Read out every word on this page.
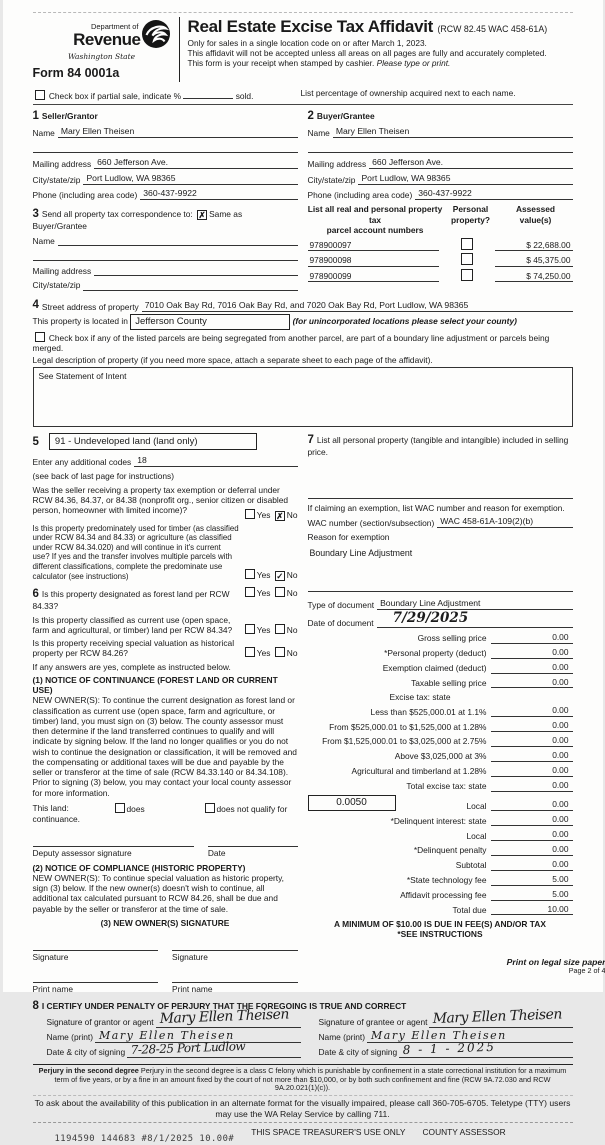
Department of
Revenue
Washington State
Form 84 0001a
Real Estate Excise Tax Affidavit (RCW 82.45 WAC 458-61A)
Only for sales in a single location code on or after March 1, 2023.
This affidavit will not be accepted unless all areas on all pages are fully and accurately completed.
This form is your receipt when stamped by cashier. Please type or print.
Check box if partial sale, indicate %	sold.	List percentage of ownership acquired next to each name.
1 Seller/Grantor
Name Mary Ellen Theisen
Mailing address 660 Jefferson Ave.
City/state/zip Port Ludlow, WA 98365
Phone (including area code) 360-437-9922
3 Send all property tax correspondence to: ✗ Same as Buyer/Grantee
Name
Mailing address
City/state/zip
2 Buyer/Grantee
Name Mary Ellen Theisen
Mailing address 660 Jefferson Ave.
City/state/zip Port Ludlow, WA 98365
Phone (including area code) 360-437-9922
List all real and personal property tax
parcel account numbers
Personal
property?
Assessed
value(s)
978900097	$ 22,688.00
978900098	$ 45,375.00
978900099	$ 74,250.00
4 Street address of property 7010 Oak Bay Rd, 7016 Oak Bay Rd, and 7020 Oak Bay Rd, Port Ludlow, WA 98365
This property is located in Jefferson County	(for unincorporated locations please select your county)
Check box if any of the listed parcels are being segregated from another parcel, are part of a boundary line adjustment or parcels being merged.
Legal description of property (if you need more space, attach a separate sheet to each page of the affidavit).
See Statement of Intent
5	91 - Undeveloped land (land only)
Enter any additional codes 18
(see back of last page for instructions)
Was the seller receiving a property tax exemption or deferral under RCW 84.36, 84.37, or 84.38 (nonprofit org., senior citizen or disabled person, homeowner with limited income)?	Yes ✗ No
Is this property predominately used for timber (as classified under RCW 84.34 and 84.33) or agriculture (as classified under RCW 84.34.020) and will continue in it's current use? If yes and the transfer involves multiple parcels with different classifications, complete the predominate use calculator (see instructions)	Yes ✓ No
6 Is this property designated as forest land per RCW 84.33?
Yes No
Is this property classified as current use (open space, farm and agricultural, or timber) land per RCW 84.34?	Yes No
Is this property receiving special valuation as historical property per RCW 84.26?	Yes No
If any answers are yes, complete as instructed below.
(1) NOTICE OF CONTINUANCE (FOREST LAND OR CURRENT USE)
NEW OWNER(S): To continue the current designation as forest land or classification as current use (open space, farm and agriculture, or timber) land, you must sign on (3) below. The county assessor must then determine if the land transferred continues to qualify and will indicate by signing below. If the land no longer qualifies or you do not wish to continue the designation or classification, it will be removed and the compensating or additional taxes will be due and payable by the seller or transferor at the time of sale (RCW 84.33.140 or 84.34.108). Prior to signing (3) below, you may contact your local county assessor for more information.
This land:	does	does not qualify for
continuance.
Deputy assessor signature	Date
(2) NOTICE OF COMPLIANCE (HISTORIC PROPERTY)
NEW OWNER(S): To continue special valuation as historic property, sign (3) below. If the new owner(s) doesn't wish to continue, all additional tax calculated pursuant to RCW 84.26, shall be due and payable by the seller or transferor at the time of sale.
(3) NEW OWNER(S) SIGNATURE
Signature
Print name
Signature
Print name
7 List all personal property (tangible and intangible) included in selling price.
If claiming an exemption, list WAC number and reason for exemption.
WAC number (section/subsection) WAC 458-61A-109(2)(b)
Reason for exemption
Boundary Line Adjustment
Type of document Boundary Line Adjustment
Date of document	7/29/2025
Gross selling price	0.00
*Personal property (deduct)	0.00
Exemption claimed (deduct)	0.00
Taxable selling price	0.00
Excise tax: state
Less than $525,000.01 at 1.1%	0.00
From $525,000.01 to $1,525,000 at 1.28%	0.00
From $1,525,000.01 to $3,025,000 at 2.75%	0.00
Above $3,025,000 at 3%	0.00
Agricultural and timberland at 1.28%	0.00
Total excise tax: state	0.00
0.0050	Local	0.00
*Delinquent interest: state	0.00
Local	0.00
*Delinquent penalty	0.00
Subtotal	0.00
*State technology fee	5.00
Affidavit processing fee	5.00
Total due	10.00
A MINIMUM OF $10.00 IS DUE IN FEE(S) AND/OR TAX
*SEE INSTRUCTIONS
8 I CERTIFY UNDER PENALTY OF PERJURY THAT THE FOREGOING IS TRUE AND CORRECT
Signature of grantor or agent Mary Ellen Theisen
Name (print) Mary Ellen Theisen
Date & city of signing 7-28-25 Port Ludlow
Signature of grantee or agent Mary Ellen Theisen
Name (print) Mary Ellen Theisen
Date & city of signing 8 - 1 - 2025
Perjury in the second degree Perjury in the second degree is a class C felony which is punishable by confinement in a state correctional institution for a maximum term of five years, or by a fine in an amount fixed by the court of not more than $10,000, or by both such confinement and fine (RCW 9A.72.030 and RCW 9A.20.021(1)(c)).
To ask about the availability of this publication in an alternate format for the visually impaired, please call 360-705-6705. Teletype (TTY) users may use the WA Relay Service by calling 711.
1194590 144683 #8/1/2025 10.00#
THIS SPACE TREASURER'S USE ONLY	COUNTY ASSESSOR
Print on legal size paper
Page 2 of 4
